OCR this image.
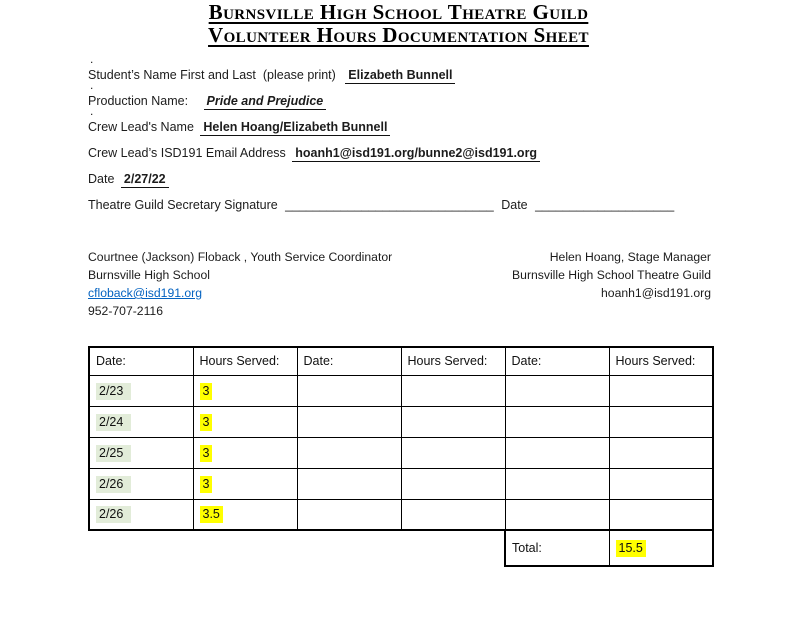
Burnsville High School Theatre Guild
Volunteer Hours Documentation Sheet
.
Student’s Name First and Last  (please print) Elizabeth Bunnell
.
Production Name: Pride and Prejudice
.
Crew Lead's Name Helen Hoang/Elizabeth Bunnell
Crew Lead’s ISD191 Email Address hoanh1@isd191.org/bunne2@isd191.org
Date 2/27/22
Theatre Guild Secretary Signature ______________________________ Date ____________________
Courtnee (Jackson) Floback , Youth Service Coordinator
Burnsville High School
cfloback@isd191.org
952-707-2116
Helen Hoang, Stage Manager
Burnsville High School Theatre Guild
hoanh1@isd191.org
Date:	Hours Served:	Date:	Hours Served:	Date:	Hours Served:
2/23	3				
2/24	3				
2/25	3				
2/26	3				
2/26	3.5				
				Total:	15.5
